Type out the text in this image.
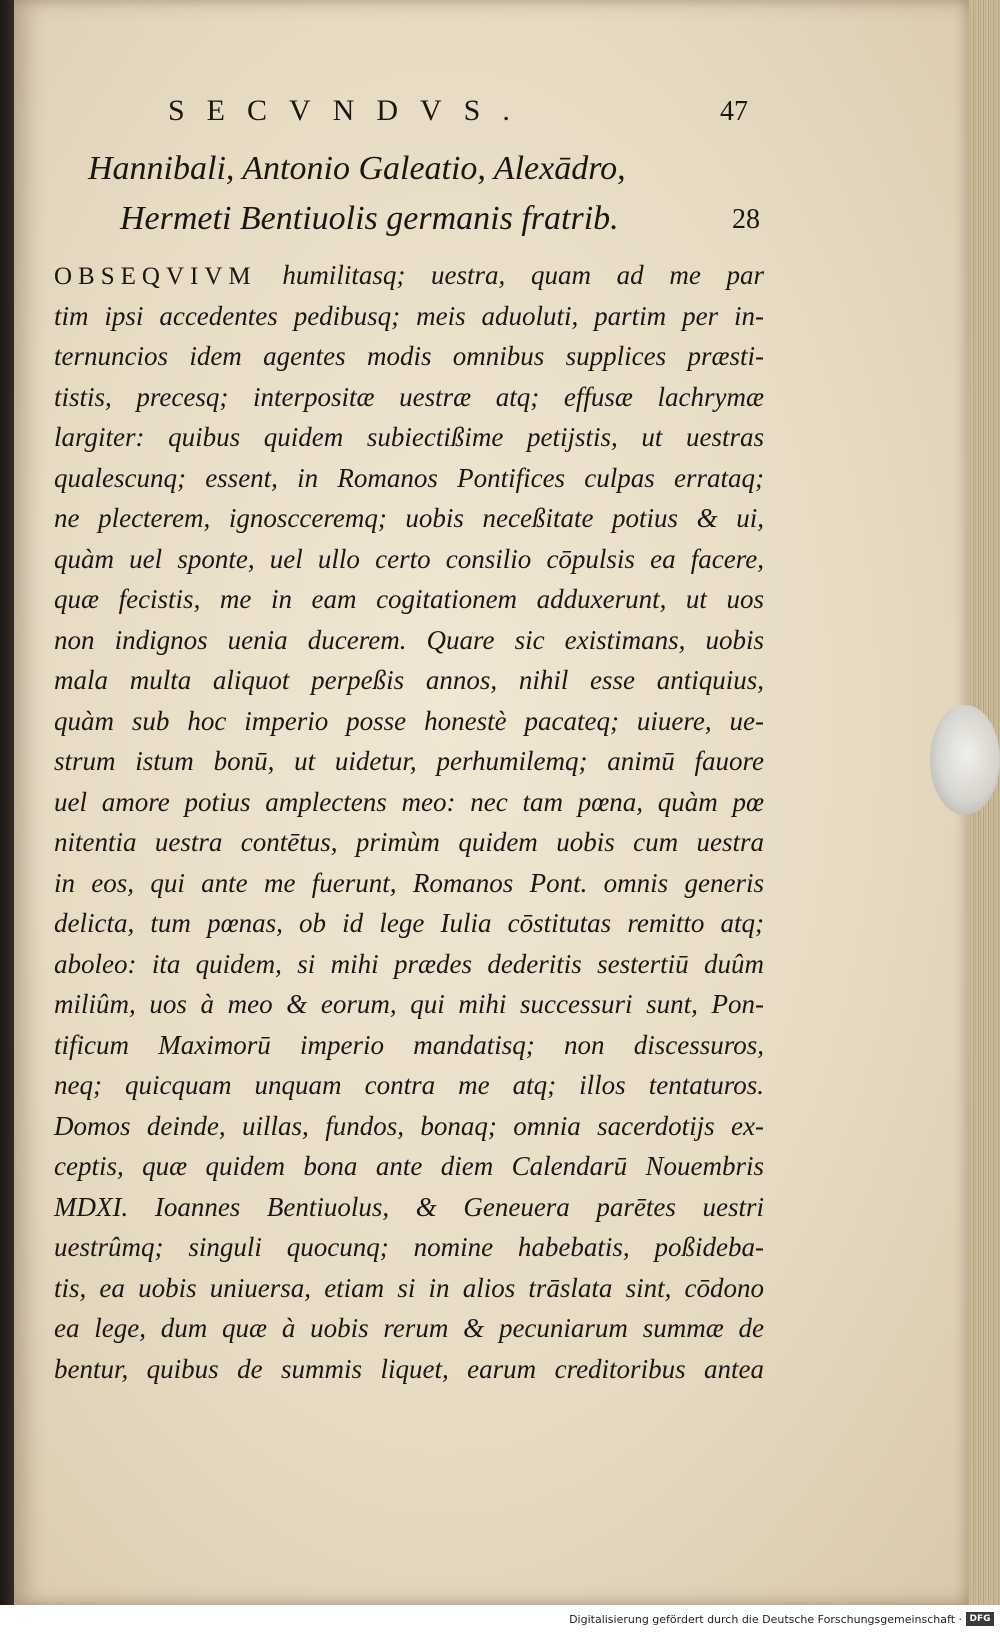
SECVNDVS.	47
Hannibali, Antonio Galeatio, Alexādro,
Hermeti Bentiuolis germanis fratrib.	28
OBSEQVIVM humilitasq; uestra, quam ad me par
tim ipsi accedentes pedibusq; meis aduoluti, partim per in-
ternuncios idem agentes modis omnibus supplices præsti-
tistis, precesq; interpositæ uestræ atq; effusæ lachrymæ
largiter: quibus quidem subiectißime petijstis, ut uestras
qualescunq; essent, in Romanos Pontifices culpas errataq;
ne plecterem, ignoscceremq; uobis neceßitate potius & ui,
quàm uel sponte, uel ullo certo consilio cōpulsis ea facere,
quæ fecistis, me in eam cogitationem adduxerunt, ut uos
non indignos uenia ducerem. Quare sic existimans, uobis
mala multa aliquot perpeßis annos, nihil esse antiquius,
quàm sub hoc imperio posse honestè pacateq; uiuere, ue-
strum istum bonū, ut uidetur, perhumilemq; animū fauore
uel amore potius amplectens meo: nec tam pœna, quàm pœ
nitentia uestra contētus, primùm quidem uobis cum uestra
in eos, qui ante me fuerunt, Romanos Pont. omnis generis
delicta, tum pœnas, ob id lege Iulia cōstitutas remitto atq;
aboleo: ita quidem, si mihi prædes dederitis sestertiū duûm
miliûm, uos à meo & eorum, qui mihi successuri sunt, Pon-
tificum Maximorū imperio mandatisq; non discessuros,
neq; quicquam unquam contra me atq; illos tentaturos.
Domos deinde, uillas, fundos, bonaq; omnia sacerdotijs ex-
ceptis, quæ quidem bona ante diem Calendarū Nouembris
MDXI. Ioannes Bentiuolus, & Geneuera parētes uestri
uestrûmq; singuli quocunq; nomine habebatis, poßideba-
tis, ea uobis uniuersa, etiam si in alios trāslata sint, cōdono
ea lege, dum quæ à uobis rerum & pecuniarum summæ de
bentur, quibus de summis liquet, earum creditoribus antea
Digitalisierung gefördert durch die Deutsche Forschungsgemeinschaft · DFG
